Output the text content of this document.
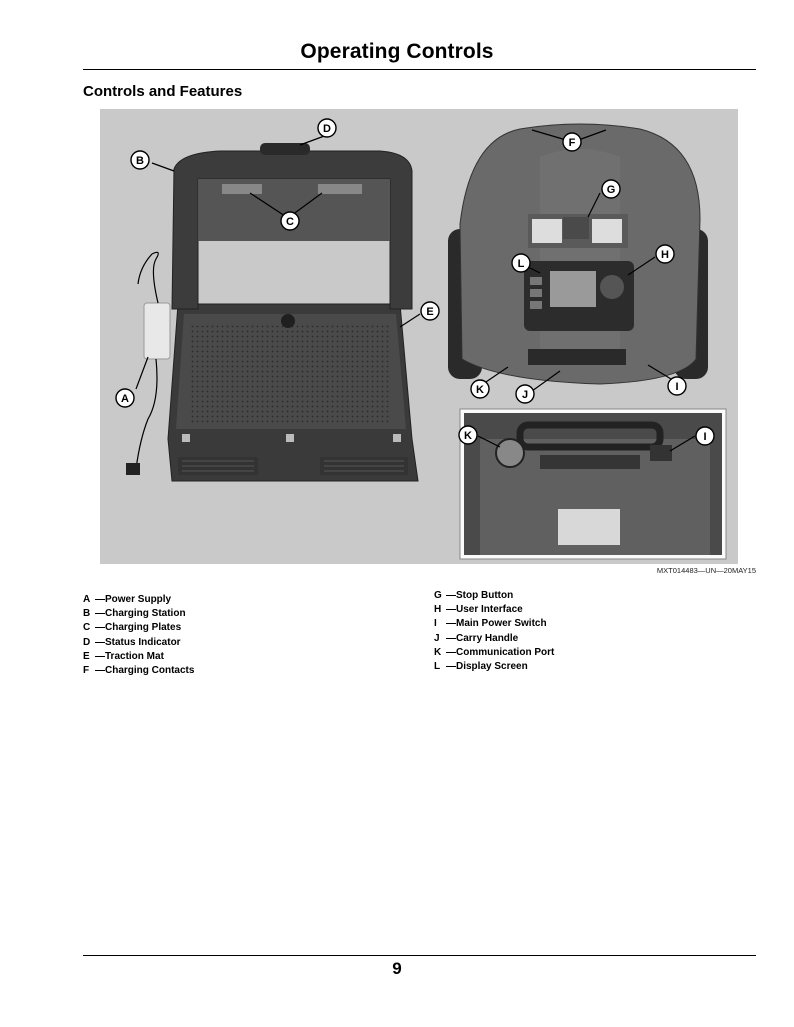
Operating Controls
Controls and Features
D
B
C
E
A
F
G
H
L
K	J
I
K	I
MXT014483—UN—20MAY15
A —Power Supply
B —Charging Station
C —Charging Plates
D —Status Indicator
E —Traction Mat
F —Charging Contacts
G —Stop Button
H —User Interface
I —Main Power Switch
J —Carry Handle
K —Communication Port
L —Display Screen
9
